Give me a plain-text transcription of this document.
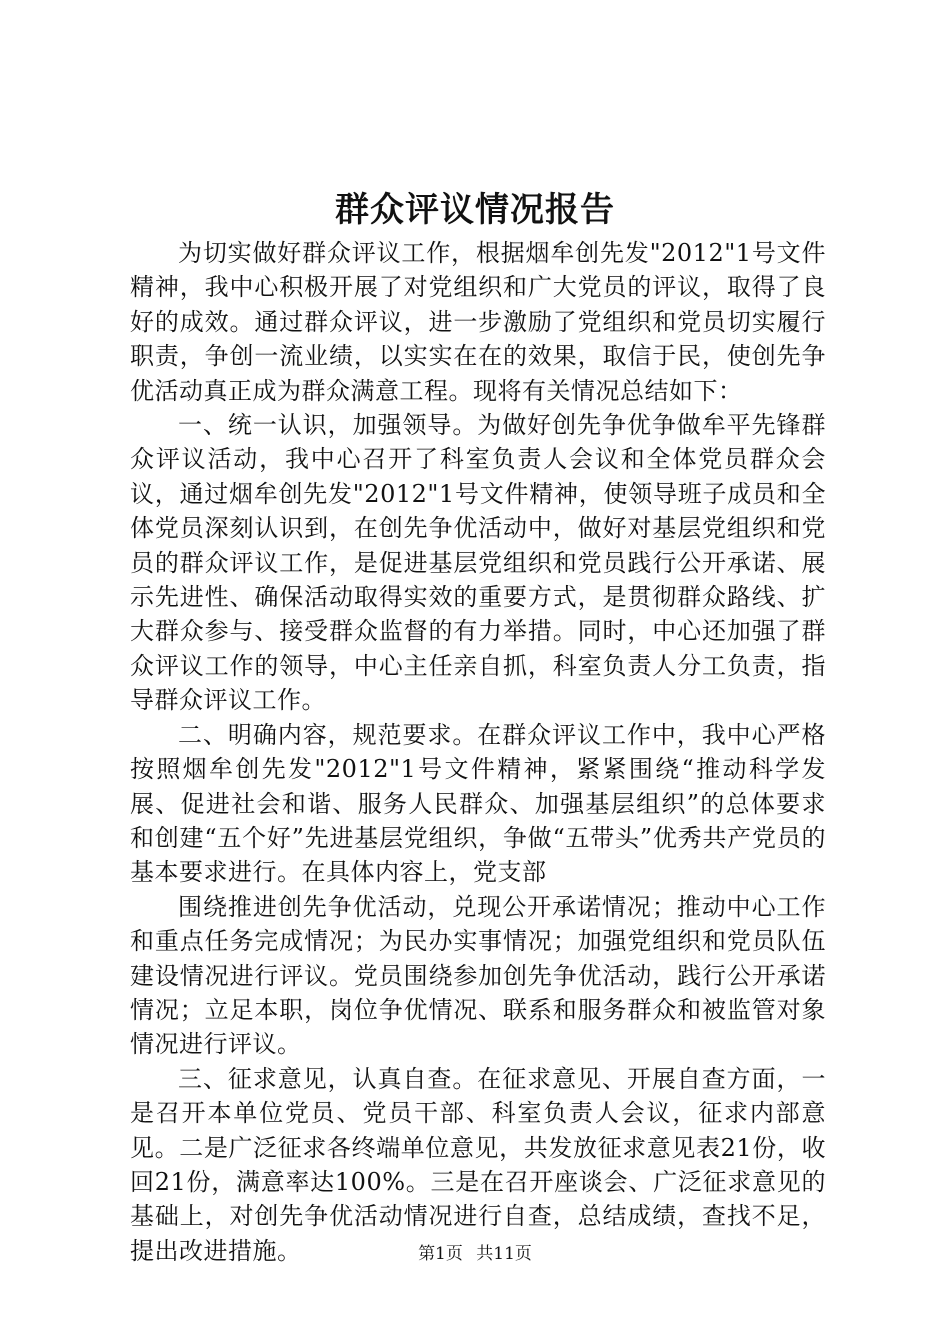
群众评议情况报告

为切实做好群众评议工作，根据烟牟创先发"2012"1号文件精神，我中心积极开展了对党组织和广大党员的评议，取得了良好的成效。通过群众评议，进一步激励了党组织和党员切实履行职责，争创一流业绩，以实实在在的效果，取信于民，使创先争优活动真正成为群众满意工程。现将有关情况总结如下：

一、统一认识，加强领导。为做好创先争优争做牟平先锋群众评议活动，我中心召开了科室负责人会议和全体党员群众会议，通过烟牟创先发"2012"1号文件精神，使领导班子成员和全体党员深刻认识到，在创先争优活动中，做好对基层党组织和党员的群众评议工作，是促进基层党组织和党员践行公开承诺、展示先进性、确保活动取得实效的重要方式，是贯彻群众路线、扩大群众参与、接受群众监督的有力举措。同时，中心还加强了群众评议工作的领导，中心主任亲自抓，科室负责人分工负责，指导群众评议工作。

二、明确内容，规范要求。在群众评议工作中，我中心严格按照烟牟创先发"2012"1号文件精神，紧紧围绕“推动科学发展、促进社会和谐、服务人民群众、加强基层组织”的总体要求和创建“五个好”先进基层党组织，争做“五带头”优秀共产党员的基本要求进行。在具体内容上，党支部

围绕推进创先争优活动，兑现公开承诺情况；推动中心工作和重点任务完成情况；为民办实事情况；加强党组织和党员队伍建设情况进行评议。党员围绕参加创先争优活动，践行公开承诺情况；立足本职，岗位争优情况、联系和服务群众和被监管对象情况进行评议。

三、征求意见，认真自查。在征求意见、开展自查方面，一是召开本单位党员、党员干部、科室负责人会议，征求内部意见。二是广泛征求各终端单位意见，共发放征求意见表21份，收回21份，满意率达100%。三是在召开座谈会、广泛征求意见的基础上，对创先争优活动情况进行自查，总结成绩，查找不足，提出改进措施。	第1页 共11页
